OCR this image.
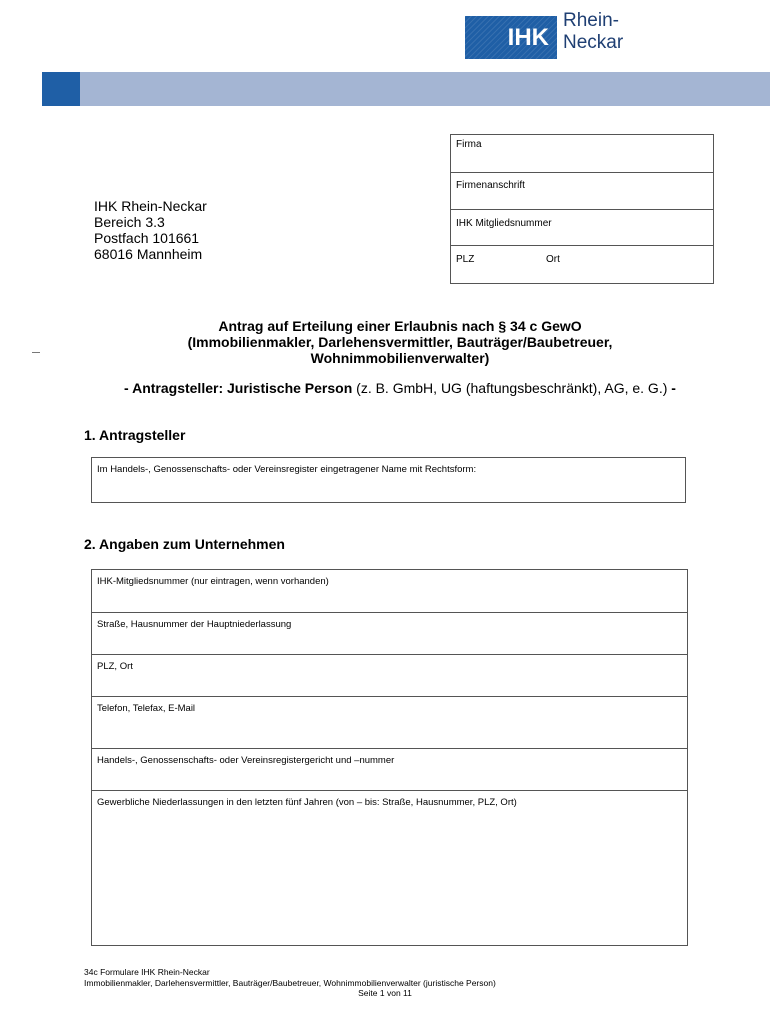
IHK
Rhein-Neckar
Firma
Firmenanschrift
IHK Mitgliedsnummer
PLZ	Ort
IHK Rhein-Neckar
Bereich 3.3
Postfach 101661
68016 Mannheim
Antrag auf Erteilung einer Erlaubnis nach § 34 c GewO
(Immobilienmakler, Darlehensvermittler, Bauträger/Baubetreuer,
Wohnimmobilienverwalter)
- Antragsteller: Juristische Person (z. B. GmbH, UG (haftungsbeschränkt), AG, e. G.) -
1. Antragsteller
Im Handels-, Genossenschafts- oder Vereinsregister eingetragener Name mit Rechtsform:
2. Angaben zum Unternehmen
IHK-Mitgliedsnummer (nur eintragen, wenn vorhanden)
Straße, Hausnummer der Hauptniederlassung
PLZ, Ort
Telefon, Telefax, E-Mail
Handels-, Genossenschafts- oder Vereinsregistergericht und –nummer
Gewerbliche Niederlassungen in den letzten fünf Jahren (von – bis: Straße, Hausnummer, PLZ, Ort)
34c Formulare IHK Rhein-Neckar
Immobilienmakler, Darlehensvermittler, Bauträger/Baubetreuer, Wohnimmobilienverwalter (juristische Person)
Seite 1 von 11
